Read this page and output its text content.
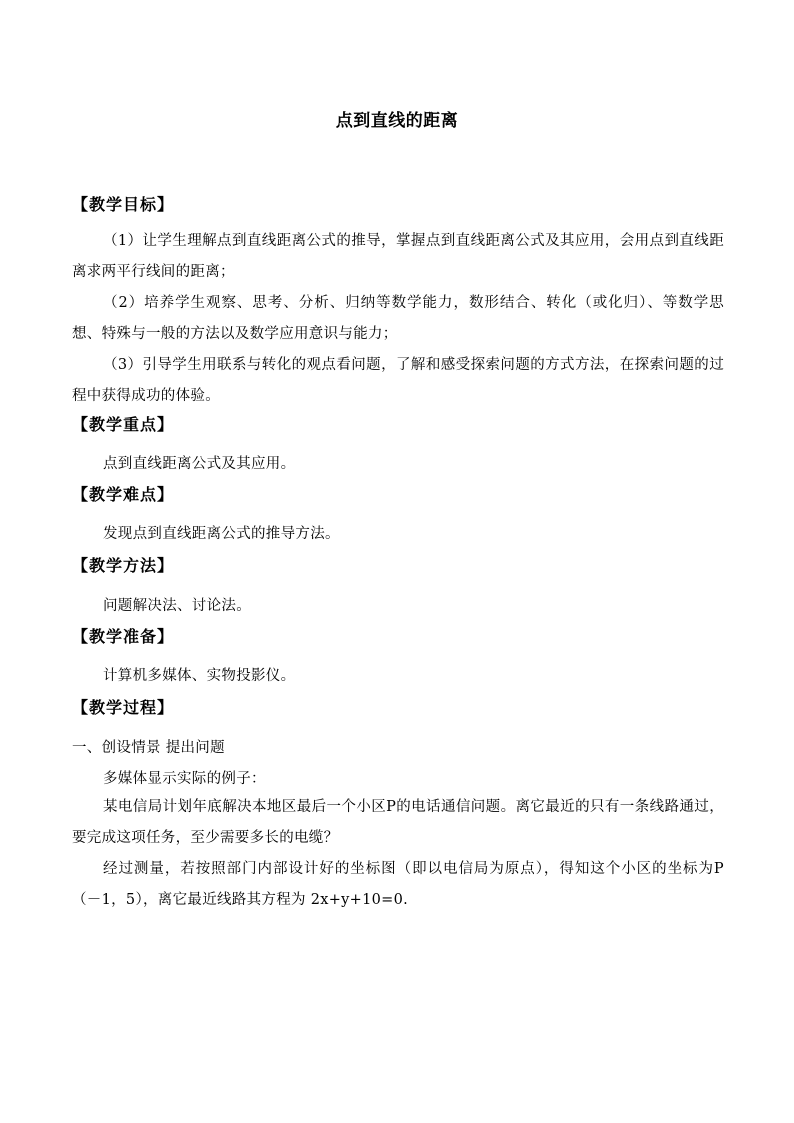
点到直线的距离
【教学目标】
（1）让学生理解点到直线距离公式的推导，掌握点到直线距离公式及其应用，会用点到直线距离求两平行线间的距离；
（2）培养学生观察、思考、分析、归纳等数学能力，数形结合、转化（或化归）、等数学思想、特殊与一般的方法以及数学应用意识与能力；
（3）引导学生用联系与转化的观点看问题，了解和感受探索问题的方式方法，在探索问题的过程中获得成功的体验。
【教学重点】
点到直线距离公式及其应用。
【教学难点】
发现点到直线距离公式的推导方法。
【教学方法】
问题解决法、讨论法。
【教学准备】
计算机多媒体、实物投影仪。
【教学过程】
一、创设情景 提出问题
多媒体显示实际的例子：
某电信局计划年底解决本地区最后一个小区P的电话通信问题。离它最近的只有一条线路通过，要完成这项任务，至少需要多长的电缆？
经过测量，若按照部门内部设计好的坐标图（即以电信局为原点），得知这个小区的坐标为P（－1，5），离它最近线路其方程为 2x+y+10=0.
